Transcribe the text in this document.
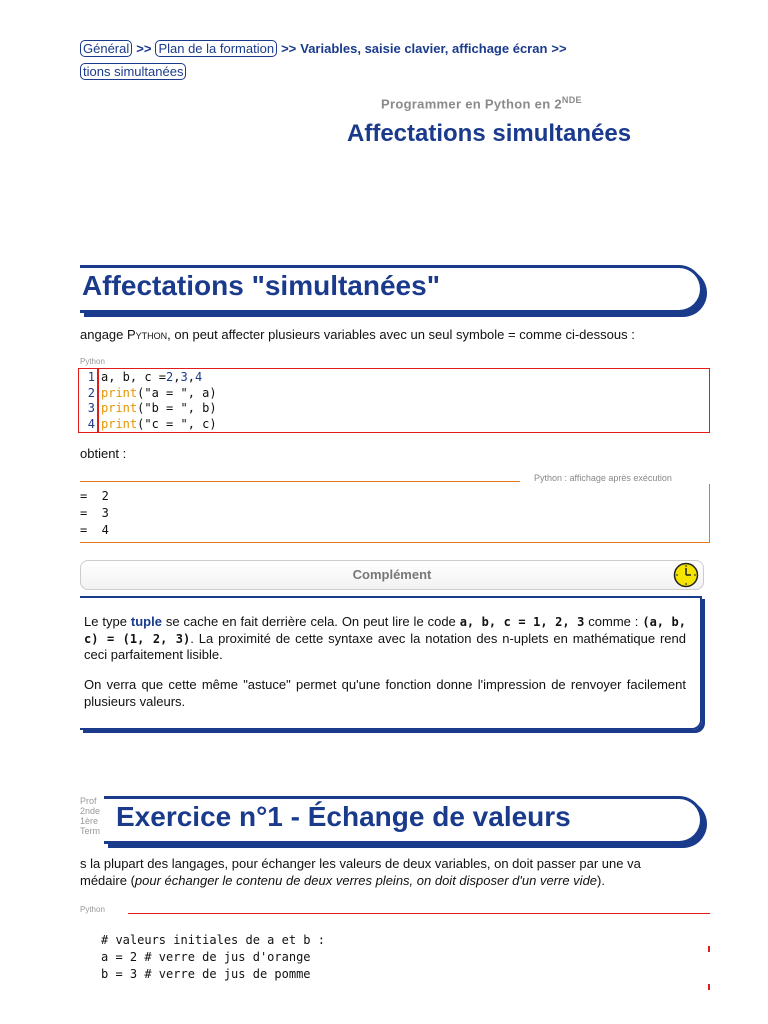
Général >> Plan de la formation >> Variables, saisie clavier, affichage écran >>
tions simultanées
Programmer en Python en 2NDE
Affectations simultanées
Affectations "simultanées"
angage Python, on peut affecter plusieurs variables avec un seul symbole = comme ci-dessous :
Python
1 a, b, c = 2 , 3 , 4
2 print ("a = ", a)
3 print ("b = ", b)
4 print ("c = ", c)
obtient :
Python : affichage après exécution
=  2
=  3
=  4
Complément
Le type tuple se cache en fait derrière cela. On peut lire le code a, b, c = 1, 2, 3 comme : (a, b, c) = (1, 2, 3). La proximité de cette syntaxe avec la notation des n-uplets en mathématique rend ceci parfaitement lisible.
On verra que cette même "astuce" permet qu'une fonction donne l'impression de renvoyer facilement plusieurs valeurs.
Prof
2nde
1ère
Term Exercice n°1 - Échange de valeurs
s la plupart des langages, pour échanger les valeurs de deux variables, on doit passer par une va
médaire (pour échanger le contenu de deux verres pleins, on doit disposer d'un verre vide).
Python
# valeurs initiales de a et b :
a = 2 # verre de jus d'orange
b = 3 # verre de jus de pomme
